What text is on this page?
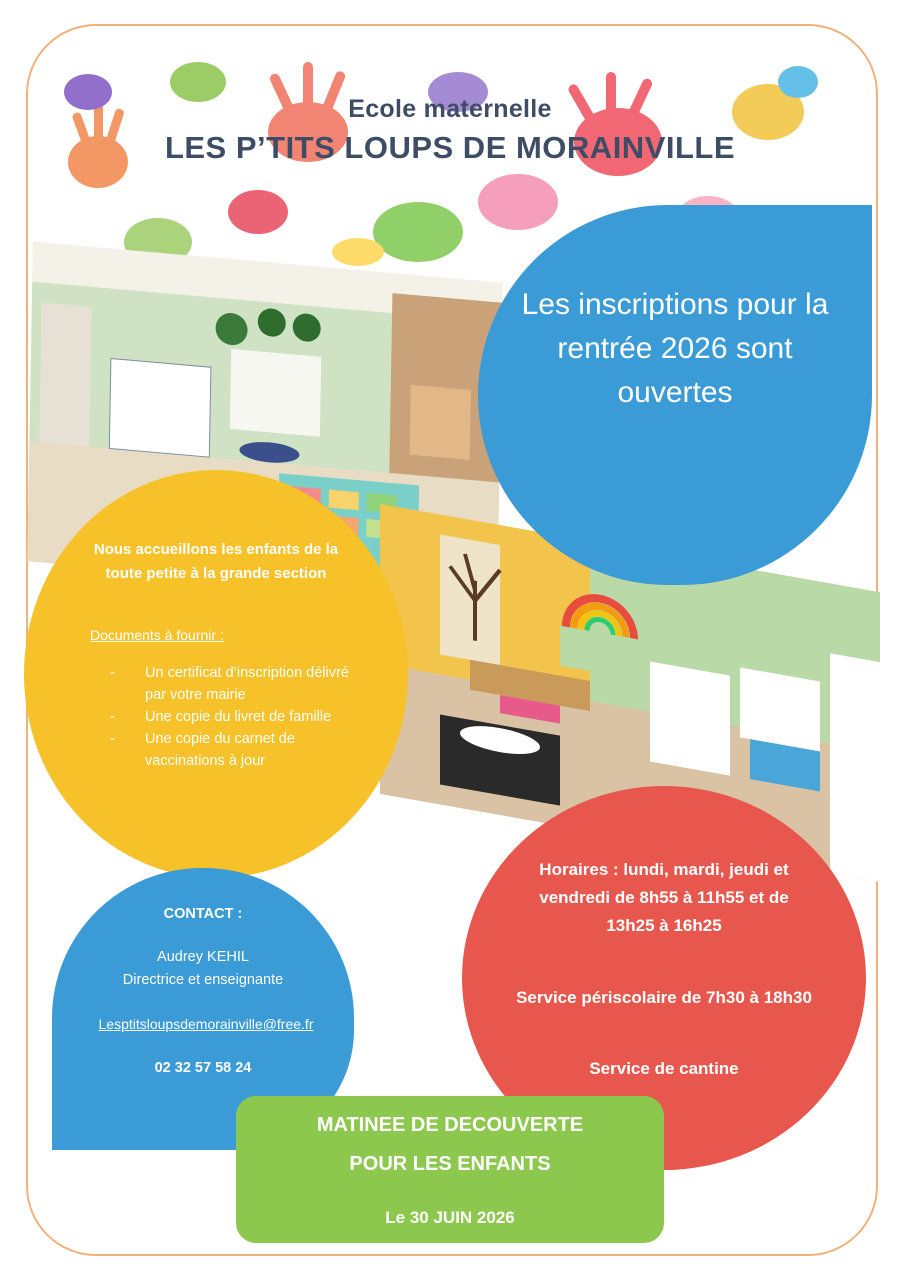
Ecole maternelle
LES P’TITS LOUPS DE MORAINVILLE
Les inscriptions pour la rentrée 2026 sont ouvertes
Nous accueillons les enfants de la toute petite à la grande section
Documents à fournir :
- Un certificat d’inscription délivré par votre mairie
- Une copie du livret de famille
- Une copie du carnet de vaccinations à jour
CONTACT :
Audrey KEHIL
Directrice et enseignante
Lesptitsloupsdemorainville@free.fr
02 32 57 58 24
Horaires : lundi, mardi, jeudi et vendredi de 8h55 à 11h55 et de 13h25 à 16h25
Service périscolaire de 7h30 à 18h30
Service de cantine
MATINEE DE DECOUVERTE
POUR LES ENFANTS
Le 30 JUIN 2026
